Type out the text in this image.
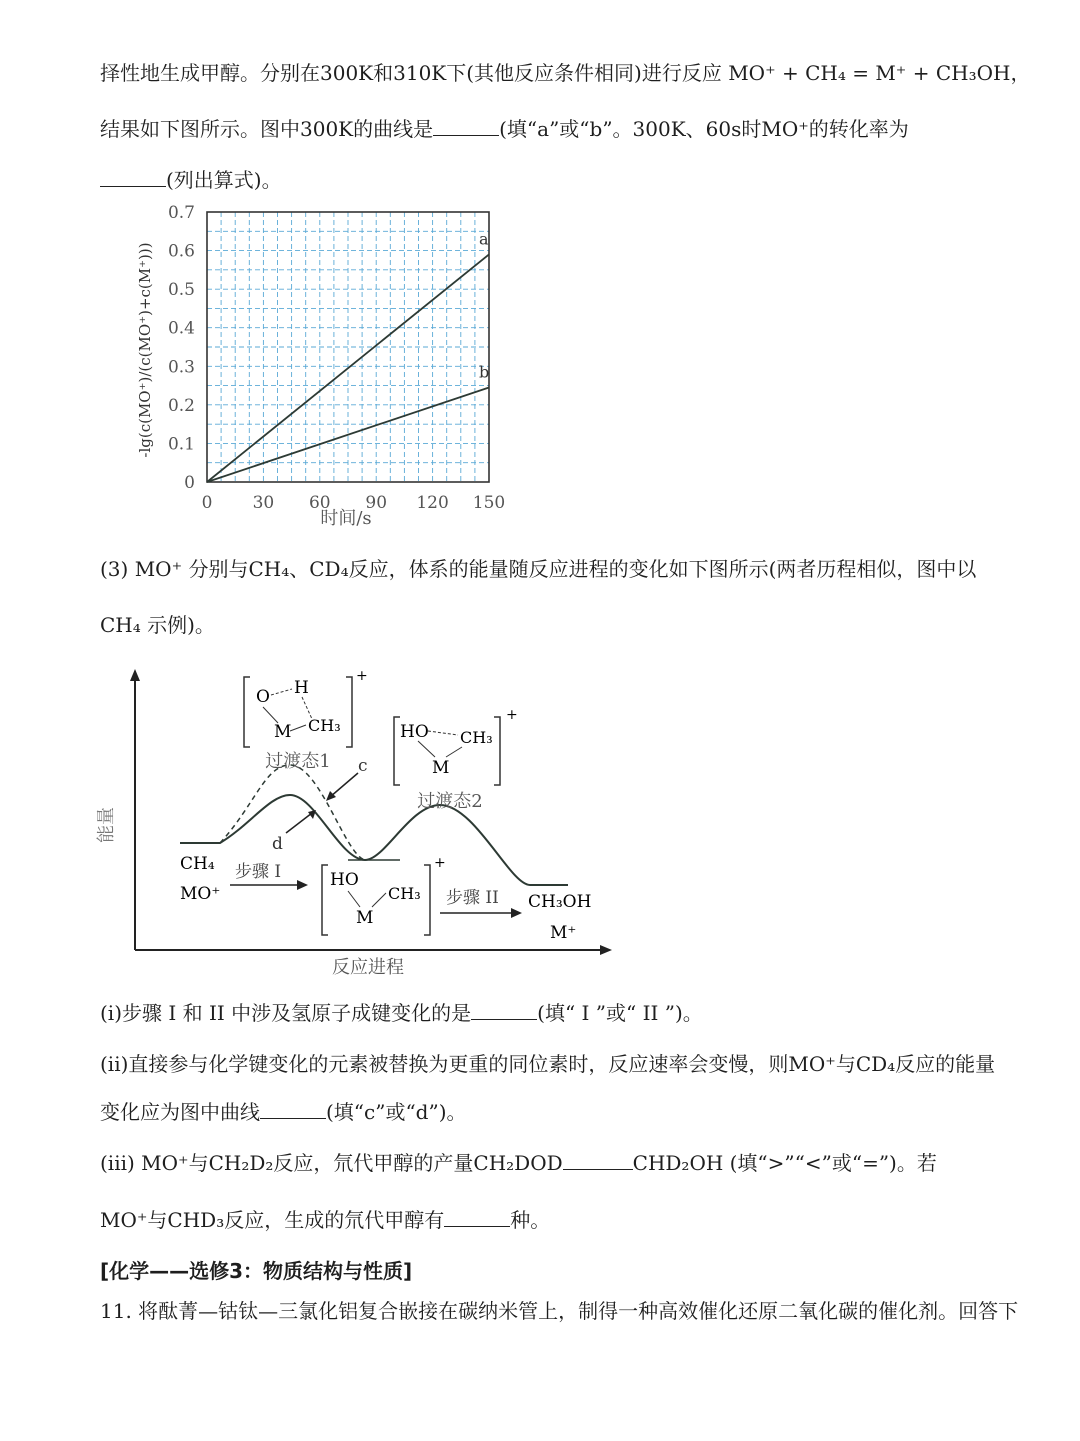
择性地生成甲醇。分别在300K和310K下(其他反应条件相同)进行反应 MO⁺ + CH₄ = M⁺ + CH₃OH，
结果如下图所示。图中300K的曲线是	(填“a”或“b”。300K、60s时MO⁺的转化率为
(列出算式)。
a
b
0 30 60 90 120 150
0
0.1
0.2
0.3
0.4
0.5
0.6
0.7
时间/s
-lg(c(MO⁺)/(c(MO⁺)+c(M⁺)))
(3) MO⁺ 分别与CH₄、CD₄反应，体系的能量随反应进程的变化如下图所示(两者历程相似，图中以
CH₄ 示例)。
能量
反应进程
c
d
+
O H
M CH₃
过渡态1
+
HO CH₃
M
过渡态2
CH₄
MO⁺
步骤 I	+
HO
CH₃
M
步骤 II CH₃OH
M⁺
(i)步骤 I 和 II 中涉及氢原子成键变化的是	(填“ I ”或“ II ”)。
(ii)直接参与化学键变化的元素被替换为更重的同位素时，反应速率会变慢，则MO⁺与CD₄反应的能量
变化应为图中曲线	(填“c”或“d”)。
(iii) MO⁺与CH₂D₂反应，氘代甲醇的产量CH₂DOD	CHD₂OH (填“>”“<”或“=”)。若
MO⁺与CHD₃反应，生成的氘代甲醇有	种。
[化学——选修3：物质结构与性质]
11. 将酞菁—钴钛—三氯化铝复合嵌接在碳纳米管上，制得一种高效催化还原二氧化碳的催化剂。回答下
